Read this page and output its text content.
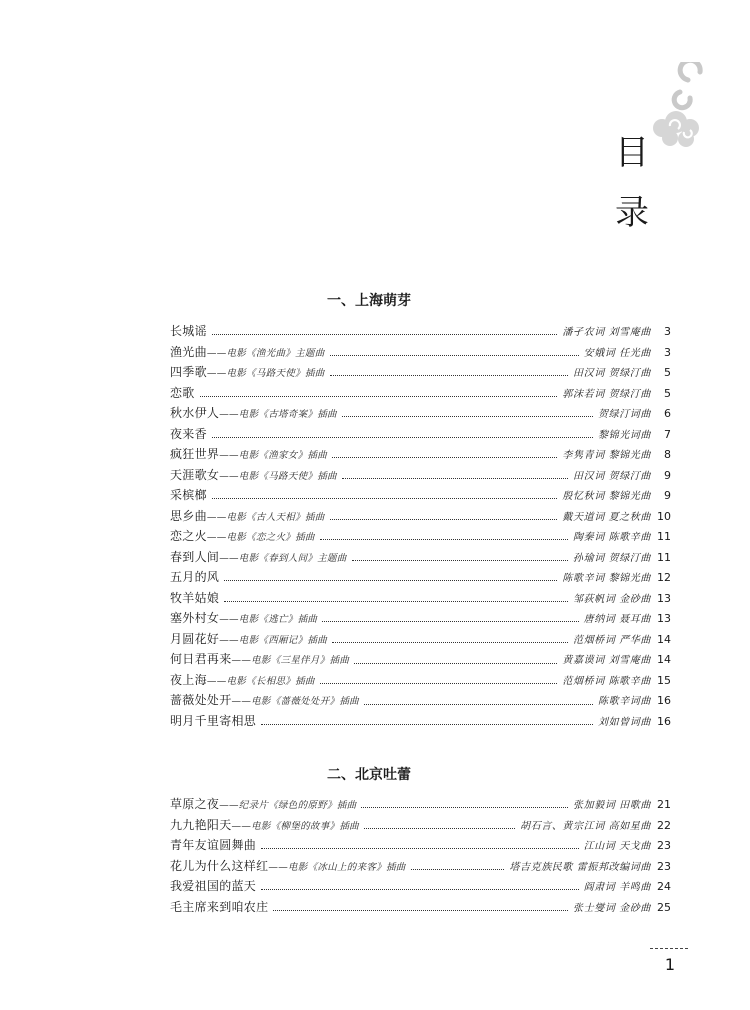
目
录
一、上海萌芽
长城谣	潘孑农词 刘雪庵曲	3
渔光曲 ——电影《渔光曲》主题曲	安娥词 任光曲	3
四季歌 ——电影《马路天使》插曲	田汉词 贺绿汀曲	5
恋歌	郭沫若词 贺绿汀曲	5
秋水伊人 ——电影《古塔奇案》插曲	贺绿汀词曲	6
夜来香	黎锦光词曲	7
疯狂世界 ——电影《渔家女》插曲	李隽青词 黎锦光曲	8
天涯歌女 ——电影《马路天使》插曲	田汉词 贺绿汀曲	9
采槟榔	殷忆秋词 黎锦光曲	9
思乡曲 ——电影《古人天相》插曲	戴天道词 夏之秋曲 10
恋之火 ——电影《恋之火》插曲	陶秦词 陈歌辛曲 11
春到人间 ——电影《春到人间》主题曲	孙瑜词 贺绿汀曲 11
五月的风	陈歌辛词 黎锦光曲 12
牧羊姑娘	邹荻帆词 金砂曲 13
塞外村女 ——电影《逃亡》插曲	唐纳词 聂耳曲 13
月圆花好 ——电影《西厢记》插曲	范烟桥词 严华曲 14
何日君再来 ——电影《三星伴月》插曲	黄嘉谟词 刘雪庵曲 14
夜上海 ——电影《长相思》插曲	范烟桥词 陈歌辛曲 15
蔷薇处处开 ——电影《蔷薇处处开》插曲	陈歌辛词曲 16
明月千里寄相思	刘如曾词曲 16
二、北京吐蕾
草原之夜 ——纪录片《绿色的原野》插曲	张加毅词 田歌曲 21
九九艳阳天 ——电影《柳堡的故事》插曲	胡石言、黄宗江词 高如星曲 22
青年友谊圆舞曲	江山词 天戈曲 23
花儿为什么这样红 ——电影《冰山上的来客》插曲	塔吉克族民歌 雷振邦改编词曲 23
我爱祖国的蓝天	阎肃词 羊鸣曲 24
毛主席来到咱农庄	张士燮词 金砂曲 25
1
